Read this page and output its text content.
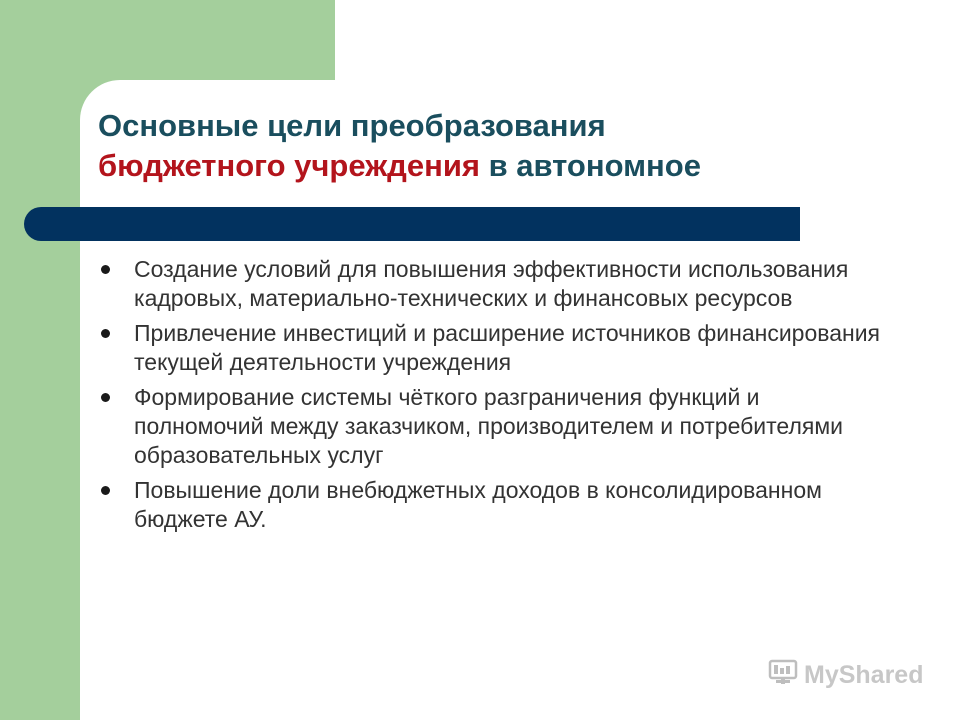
Основные цели преобразования
бюджетного учреждения в автономное
Создание условий для повышения эффективности использования кадровых, материально-технических и финансовых ресурсов
Привлечение инвестиций и расширение источников финансирования текущей деятельности учреждения
Формирование системы чёткого разграничения функций и полномочий между заказчиком, производителем и потребителями образовательных услуг
Повышение доли внебюджетных доходов в консолидированном бюджете АУ.
MyShared
